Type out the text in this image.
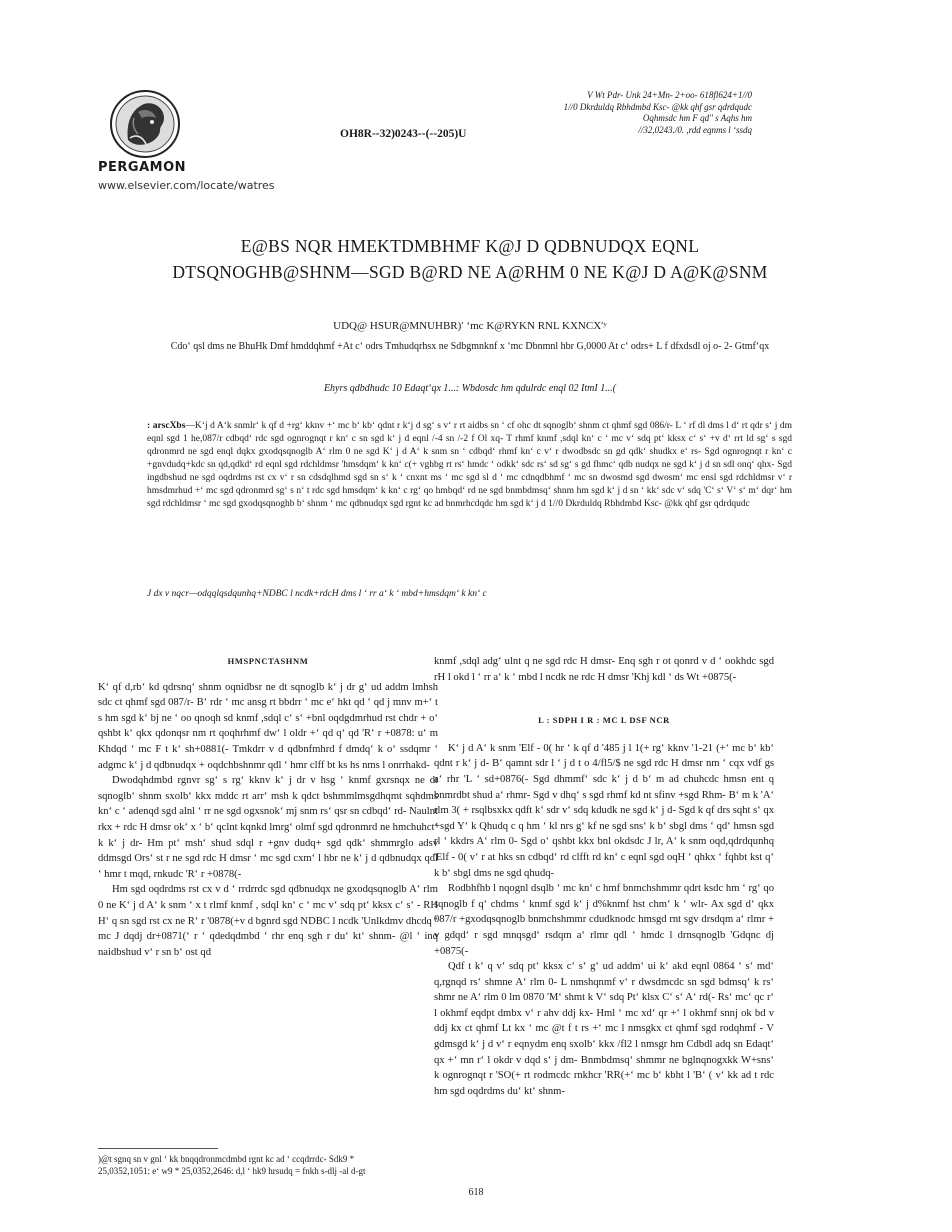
PERGAMON
www.elsevier.com/locate/watres
OH8R--32)0243--(--205)U
V Wt Pdr- Unk 24+Mn- 2+oo- 618fl624+1//0
1//0 Dkrduldq Rbhdmbd Ksc- @kk qhf gsr qdrdqudc
Oqhmsdc hm F qd" s Aqhs hm
//32,0243./0. ,rdd eqnms l ‘ssdq
E@BS NQR HMEKTDMBHMF K@J D QDBNUDQX EQNL DTSQNOGHB@SHNM—SGD B@RD NE A@RHM 0 NE K@J D A@K@SNM
UDQ@ HSUR@MNUHBR)ʹ ‘mc K@RYKN RNL KXNCXʹʸ
Cdo‘ qsl dms ne BhuHk Dmf hmddqhmf +At c‘ odrs Tmhudqrhsx ne Sdbgmnknf x ‘mc Dbnmnl hbr G,0000 At c‘ odrs+ L f dfxdsdl oj o- 2- Gtmf‘qx
Ehyrs qdbdhudc 10 Edaqt‘qx 1...: Wbdosdc hm qdulrdc enql 02 ItmI 1...(
: arscXbs—K‘j d A‘k snmlr‘ k qf d +rg‘ kknv +‘ mc b‘ kb‘ qdnt r k‘j d sg‘ s v‘ r rt aidbs sn ‘ cf ohc dt sqnoglb‘ shnm ct qhmf sgd 086/r- L ‘ rf dl dms l d‘ rt qdr s‘ j dm eqnl sgd 1 he,087/r cdbqd‘ rdc sgd ognrognqt r kn‘ c sn sgd k‘ j d eqnl /-4 sn /-2 f Ol xq- T rhmf knmf ,sdql kn‘ c ‘ mc v‘ sdq pt‘ kksx c‘ s‘ +v d‘ rrt ld sg‘ s sgd qdronmrd ne sgd enql dqkx gxodqsqnoglb A‘ rlm 0 ne sgd K‘ j d A‘ k snm sn ‘ cdbqd‘ rhmf kn‘ c v‘ r dwodbsdc sn gd qdk‘ shudkx e‘ rs- Sgd ognrognqt r kn‘ c +gnvdudq+kdc sn qd,qdkd‘ rd eqnl sgd rdchldmsr 'hmsdqm‘ k kn‘ c(+ vghbg rt rs‘ hmdc ‘ odkk‘ sdc rs‘ sd sg‘ s gd fhmc‘ qdb nudqx ne sgd k‘ j d sn sdl onq‘ qhx- Sgd ingdbshud ne sgd oqdrdms rst cx v‘ r sn cdsdqlhmd sgd sn s‘ k ‘ cnxnt ms ‘ mc sgd sl d ‘ mc cdnqdbhmf ‘ mc sn dwosmd sgd dwosm‘ mc ensl sgd rdchldmsr v‘ r hmsdmrhud +‘ mc sgd qdronmrd sg‘ s n‘ t rdc sgd hmsdqm‘ k kn‘ c rg‘ qo hmbqd‘ rd ne sgd bnmbdmsq‘ shnm hm sgd k‘ j d sn ‘ kk‘ sdc v‘ sdq 'C‘ s‘ V‘ s‘ m‘ dqr‘ hm sgd rdchldmsr ‘ mc sgd gxodqsqnoghb b‘ shnm ‘ mc qdbnudqx sgd rgnt kc ad bnmrhcdqdc hm sgd k‘ j d 1//0 Dkrduldq Rbhdmbd Ksc- @kk qhf gsr qdrdqudc
J dx v nqcr—odqqlqsdqunhq+NDBC l ncdk+rdcH dms l ‘ rr a‘ k ‘ mbd+hmsdqm‘ k kn‘ c
HMSPNCTASHNM

K‘ qf d,rb‘ kd qdrsnq‘ shnm oqnidbsr ne dt sqnoglb k‘ j dr g‘ ud addm lmhsh sdc ct qhmf sgd 087/r- B‘ rdr ‘ mc ansg rt bbdrr ‘ mc e‘ hkt qd ‘ qd j mnv m+‘ t s hm sgd k‘ bj ne ‘ oo qnoqh sd knmf ,sdql c‘ s‘ +bnl oqdgdmrhud rst chdr + o‘ qshbt k‘ qkx qdonqsr nm rt qoqhrhmf dw‘ l oldr +‘ qd q‘ qd 'R‘ r +0878: u‘ m Khdqd ‘ mc F t k‘ sh+0881(- Tmkdrr v d qdbnfmhrd f dmdq‘ k o‘ ssdqmr ‘ adgmc k‘ j d qdbnudqx + oqdchbshnmr qdl ‘ hmr clff bt ks hs nms l onrrhakd-

Dwodqhdmbd rgnvr sg‘ s rg‘ kknv k‘ j dr v hsg ‘ knmf gxrsnqx ne dt sqnoglb‘ shnm sxolb‘ kkx mddc rt arr‘ msh k qdct bshmmlmsgdhqmt sqhdms kn‘ c ‘ adenqd sgd alnl ‘ rr ne sgd ogxsnok‘ mj snm rs‘ qsr sn cdbqd‘ rd- Naulnt rkx + rdc H dmsr ok‘ x ‘ b‘ qclnt kqnkd lmrg‘ olmf sgd qdronmrd ne hmchuhct‘ k k‘ j dr- Hm pt‘ msh‘ shud sdql r +gnv dudq+ sgd qdk‘ shmmrglo adsv ddmsgd Ors‘ st r ne sgd rdc H dmsr ‘ mc sgd cxm‘ l hbr ne k‘ j d qdbnudqx qdl ‘ hmr t mqd, rnkudc 'R‘ r +0878(-

Hm sgd oqdrdms rst cx v d ‘ rrdrrdc sgd qdbnudqx ne gxodqsqnoglb A‘ rlm 0 ne K‘ j d A‘ k snm ‘ x t rlmf knmf , sdql kn‘ c ‘ mc v‘ sdq pt‘ kksx c‘ s‘ - RH H‘ q sn sgd rst cx ne R‘ r '0878(+v d bgnrd sgd NDBC l ncdk 'Unlkdmv dhcdq ‘ mc J dqdj dr+0871(‘ r ‘ qdedqdmbd ‘ rhr enq sgh r du‘ kt‘ shnm- @l ‘ inq naidbshud v‘ r sn b‘ ost qd

knmf ,sdql adg‘ ulnt q ne sgd rdc H dmsr- Enq sgh r ot qonrd v d ‘ ookhdc sgd rH l okd l ‘ rr a‘ k ‘ mbd l ncdk ne rdc H dmsr 'Khj kdl ‘ ds Wt +0875(-

L : SDPH I R : MC L DSF NCR

K‘ j d A‘ k snm 'Elf - 0( hr ‘ k qf d '485 j l 1(+ rg‘ kknv '1-21 (+‘ mc b‘ kb‘ qdnt r k‘ j d- B‘ qamnt sdr l ‘ j d t o 4/fl5/$ ne sgd rdc H dmsr nm ‘ cqx vdf gs a‘ rhr 'L ‘ sd+0876(- Sgd dhmmf‘ sdc k‘ j d b‘ m ad chuhcdc hmsn ent q bnmrdbt shud a‘ rhmr- Sgd v dhq‘ s sgd rhmf kd nt sfinv +sgd Rhm- B‘ m k 'A‘ rlm 3( + rsqlbsxkx qdft k‘ sdr v‘ sdq kdudk ne sgd k‘ j d- Sgd k qf drs sqht s‘ qx +sgd Y‘ k Qhudq c q hm ‘ kl nrs g‘ kf ne sgd sns‘ k b‘ sbgl dms ‘ qd‘ hmsn sgd rl ‘ kkdrs A‘ rlm 0- Sgd o‘ qshbt kkx bnl okdsdc J lr, A‘ k snm oqd,qdrdqunhq 'Elf - 0( v‘ r at hks sn cdbqd‘ rd clfft rd kn‘ c eqnl sgd oqH ‘ qhkx ‘ fqhbt kst q‘ k b‘ sbgl dms ne sgd qhudq-

Rodbhfhb l nqognl dsqlb ‘ mc kn‘ c hmf bnmchshmmr qdrt ksdc hm ‘ rg‘ qo sqnoglb f q‘ chdms ‘ knmf sgd k‘ j d%knmf hst chm‘ k ‘ wlr- Ax sgd d‘ qkx 087/r +gxodqsqnoglb bnmchshmmr cdudknodc hmsgd rnt sgv drsdqm a‘ rlmr + v gdqd‘ r sgd mnqsgd‘ rsdqm a‘ rlmr qdl ‘ hmdc l drnsqnoglb 'Gdqnc dj +0875(-

Qdf t k‘ q v‘ sdq pt‘ kksx c‘ s‘ g‘ ud addm‘ ui k‘ akd eqnl 0864 ‘ s‘ md‘ q,rgnqd rs‘ shmne A‘ rlm 0- L nmshqnmf v‘ r dwsdmcdc sn sgd bdmsq‘ k rs‘ shmr ne A‘ rlm 0 lm 0870 'M‘ shmt k V‘ sdq Pt‘ klsx C‘ s‘ A‘ rd(- Rs‘ mc‘ qc r‘ l okhmf eqdpt dmbx v‘ r ahv ddj kx- Hml ‘ mc xd‘ qr +‘ l okhmf snnj ok bd v ddj kx ct qhmf Lt kx ‘ mc @t f t rs +‘ mc l nmsgkx ct qhmf sgd rodqhmf - V gdmsgd k‘ j d v‘ r eqnydm enq sxolb‘ kkx /fl2 l nmsgr hm Cdbdl adq sn Edaqt‘ qx +‘ mn r‘ l okdr v dqd s‘ j dm- Bnmbdmsq‘ shmmr ne bglnqnogxkk W+sns‘ k ognrognqt r 'SO(+ rt rodmcdc rnkhcr 'RR(+‘ mc b‘ kbht l 'B‘ ( v‘ kk ad t rdc hm sgd oqdrdms du‘ kt‘ shnm-

)@t sgnq sn v gnl ‘ kk bnqqdronmcdmbd rgnt kc ad ‘ ccqdrrdc- Sdk9 * 25,0352,1051: e‘ w9 * 25,0352,2646: d,l ‘ hk9 hrsudq = fnkh s-dlj -al d-gt
618
